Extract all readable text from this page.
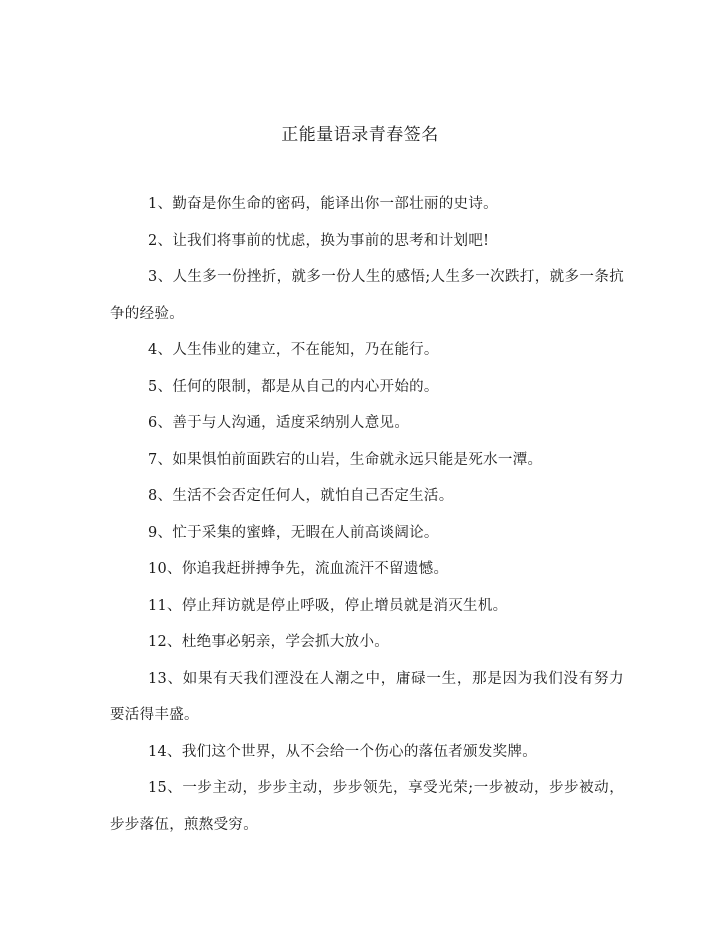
正能量语录青春签名

1、勤奋是你生命的密码，能译出你一部壮丽的史诗。

2、让我们将事前的忧虑，换为事前的思考和计划吧!

3、人生多一份挫折，就多一份人生的感悟;人生多一次跌打，就多一条抗争的经验。

4、人生伟业的建立，不在能知，乃在能行。

5、任何的限制，都是从自己的内心开始的。

6、善于与人沟通，适度采纳别人意见。

7、如果惧怕前面跌宕的山岩，生命就永远只能是死水一潭。

8、生活不会否定任何人，就怕自己否定生活。

9、忙于采集的蜜蜂，无暇在人前高谈阔论。

10、你追我赶拼搏争先，流血流汗不留遗憾。

11、停止拜访就是停止呼吸，停止增员就是消灭生机。

12、杜绝事必躬亲，学会抓大放小。

13、如果有天我们湮没在人潮之中，庸碌一生，那是因为我们没有努力要活得丰盛。

14、我们这个世界，从不会给一个伤心的落伍者颁发奖牌。

15、一步主动，步步主动，步步领先，享受光荣;一步被动，步步被动，步步落伍，煎熬受穷。
